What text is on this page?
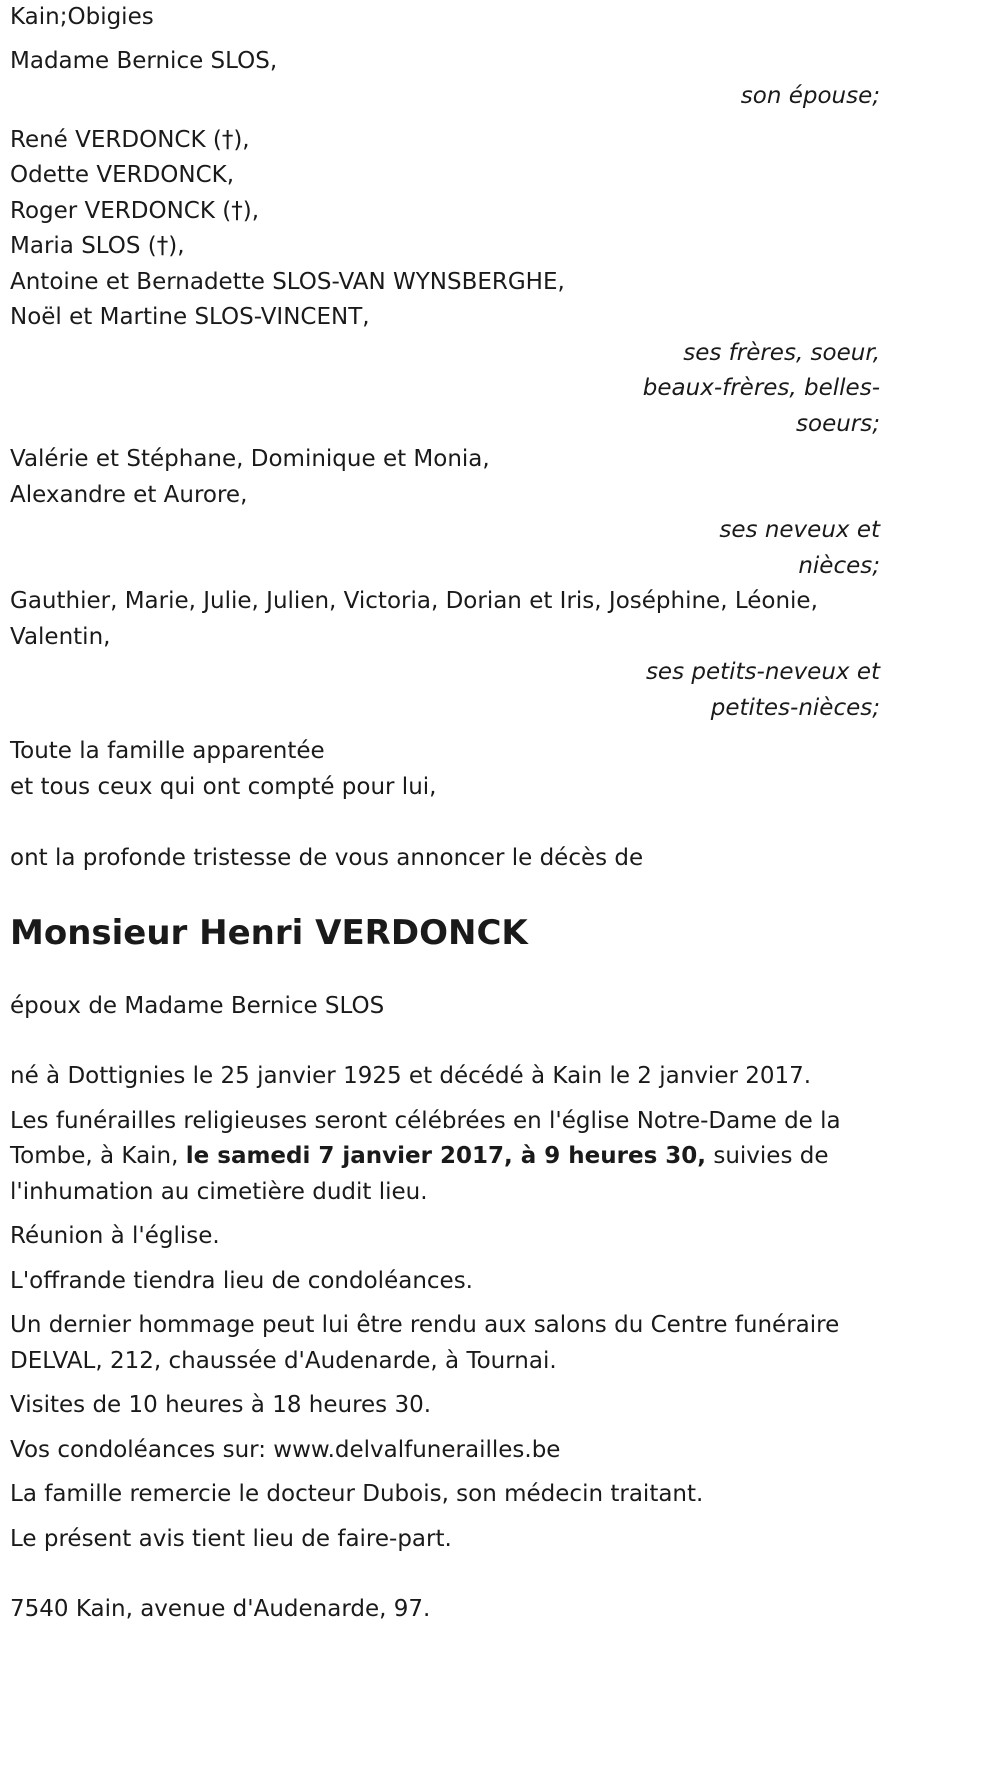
Kain;Obigies
Madame Bernice SLOS,
son épouse;
René VERDONCK (†),
Odette VERDONCK,
Roger VERDONCK (†),
Maria SLOS (†),
Antoine et Bernadette SLOS-VAN WYNSBERGHE,
Noël et Martine SLOS-VINCENT,
ses frères, soeur,
beaux-frères, belles-
soeurs;
Valérie et Stéphane, Dominique et Monia,
Alexandre et Aurore,
ses neveux et
nièces;
Gauthier, Marie, Julie, Julien, Victoria, Dorian et Iris, Joséphine, Léonie,
Valentin,
ses petits-neveux et
petites-nièces;
Toute la famille apparentée
et tous ceux qui ont compté pour lui,
ont la profonde tristesse de vous annoncer le décès de
Monsieur Henri VERDONCK
époux de Madame Bernice SLOS
né à Dottignies le 25 janvier 1925 et décédé à Kain le 2 janvier 2017.
Les funérailles religieuses seront célébrées en l'église Notre-Dame de la Tombe, à Kain, le samedi 7 janvier 2017, à 9 heures 30, suivies de l'inhumation au cimetière dudit lieu.
Réunion à l'église.
L'offrande tiendra lieu de condoléances.
Un dernier hommage peut lui être rendu aux salons du Centre funéraire DELVAL, 212, chaussée d'Audenarde, à Tournai.
Visites de 10 heures à 18 heures 30.
Vos condoléances sur: www.delvalfunerailles.be
La famille remercie le docteur Dubois, son médecin traitant.
Le présent avis tient lieu de faire-part.
7540 Kain, avenue d'Audenarde, 97.
